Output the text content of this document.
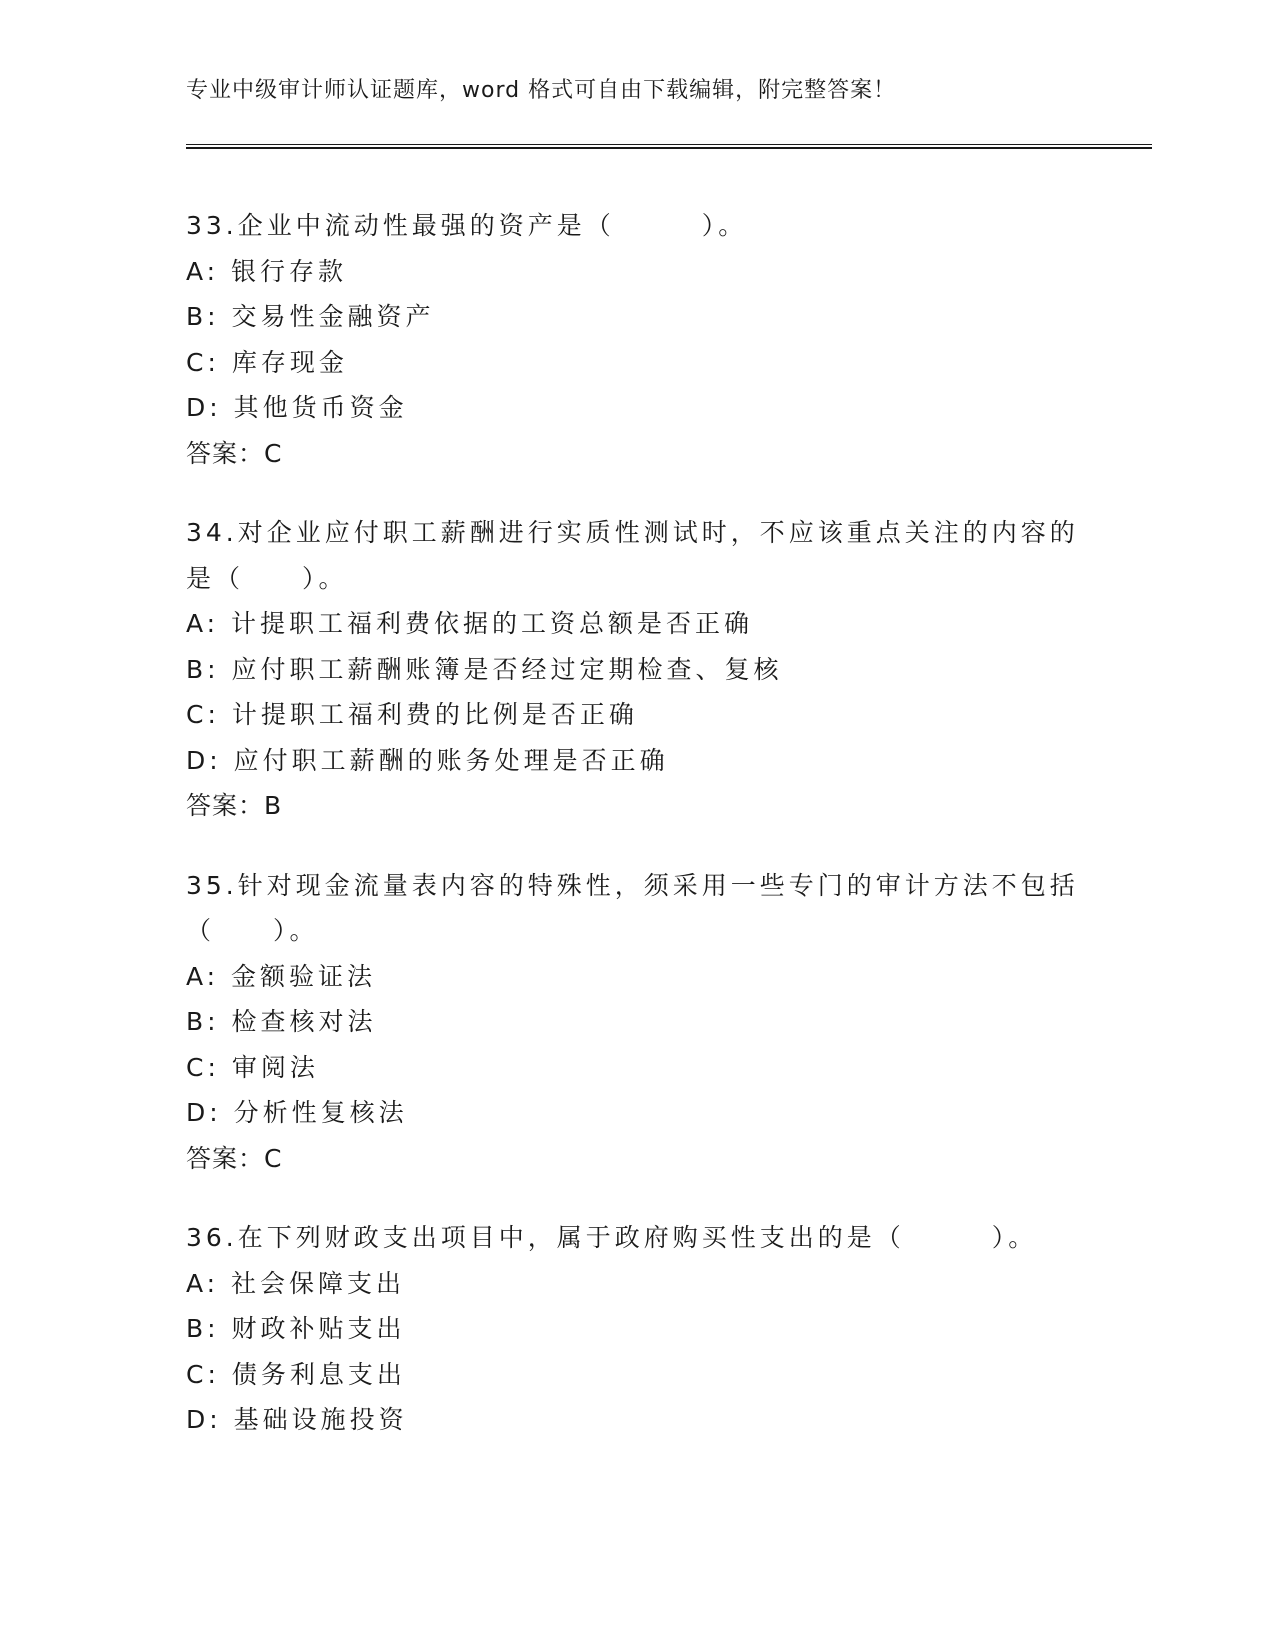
专业中级审计师认证题库，word 格式可自由下载编辑，附完整答案！
33.企业中流动性最强的资产是（　　　）。
A: 银行存款
B: 交易性金融资产
C: 库存现金
D: 其他货币资金
答案：C
34.对企业应付职工薪酬进行实质性测试时，不应该重点关注的内容的
是（　　）。
A: 计提职工福利费依据的工资总额是否正确
B: 应付职工薪酬账簿是否经过定期检查、复核
C: 计提职工福利费的比例是否正确
D: 应付职工薪酬的账务处理是否正确
答案：B
35.针对现金流量表内容的特殊性，须采用一些专门的审计方法不包括
（　　）。
A: 金额验证法
B: 检查核对法
C: 审阅法
D: 分析性复核法
答案：C
36.在下列财政支出项目中，属于政府购买性支出的是（　　　）。
A: 社会保障支出
B: 财政补贴支出
C: 债务利息支出
D: 基础设施投资
